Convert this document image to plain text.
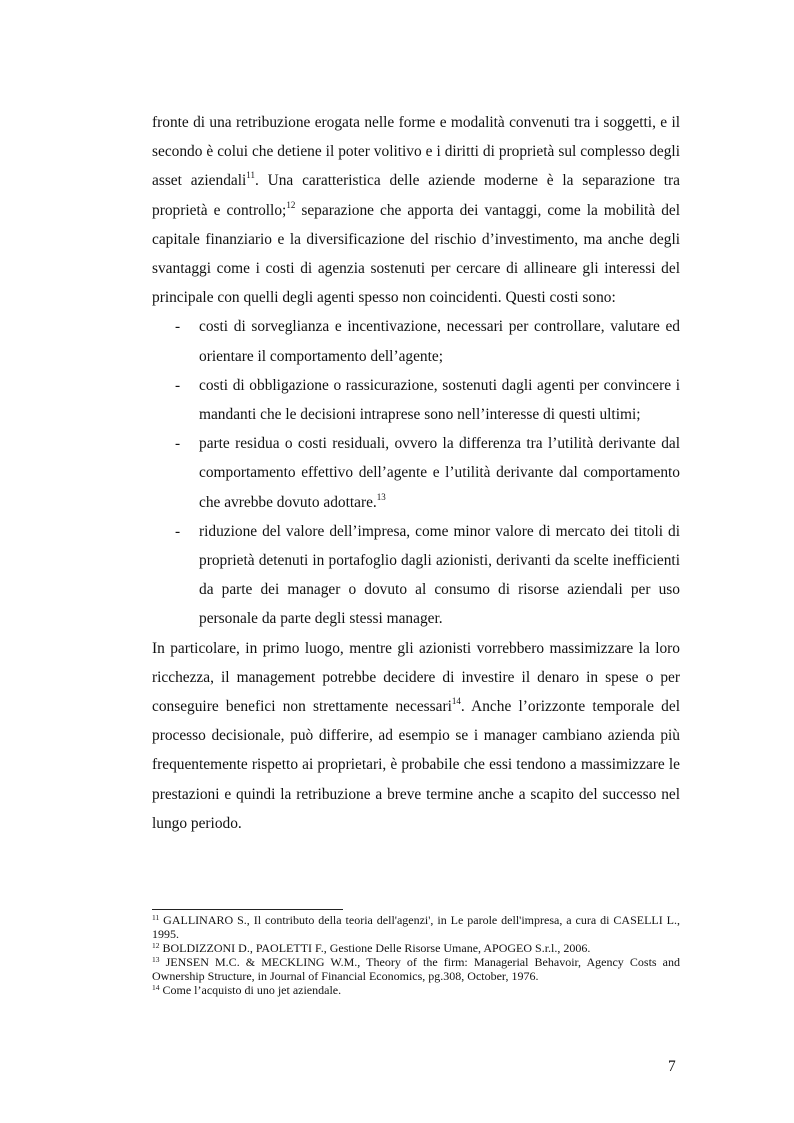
fronte di una retribuzione erogata nelle forme e modalità convenuti tra i soggetti, e il secondo è colui che detiene il poter volitivo e i diritti di proprietà sul complesso degli asset aziendali$^{11}$. Una caratteristica delle aziende moderne è la separazione tra proprietà e controllo;$^{12}$ separazione che apporta dei vantaggi, come la mobilità del capitale finanziario e la diversificazione del rischio d’investimento, ma anche degli svantaggi come i costi di agenzia sostenuti per cercare di allineare gli interessi del principale con quelli degli agenti spesso non coincidenti. Questi costi sono:

- costi di sorveglianza e incentivazione, necessari per controllare, valutare ed orientare il comportamento dell’agente;
- costi di obbligazione o rassicurazione, sostenuti dagli agenti per convincere i mandanti che le decisioni intraprese sono nell’interesse di questi ultimi;
- parte residua o costi residuali, ovvero la differenza tra l’utilità derivante dal comportamento effettivo dell’agente e l’utilità derivante dal comportamento che avrebbe dovuto adottare.$^{13}$
- riduzione del valore dell’impresa, come minor valore di mercato dei titoli di proprietà detenuti in portafoglio dagli azionisti, derivanti da scelte inefficienti da parte dei manager o dovuto al consumo di risorse aziendali per uso personale da parte degli stessi manager.

In particolare, in primo luogo, mentre gli azionisti vorrebbero massimizzare la loro ricchezza, il management potrebbe decidere di investire il denaro in spese o per conseguire benefici non strettamente necessari$^{14}$. Anche l’orizzonte temporale del processo decisionale, può differire, ad esempio se i manager cambiano azienda più frequentemente rispetto ai proprietari, è probabile che essi tendono a massimizzare le prestazioni e quindi la retribuzione a breve termine anche a scapito del successo nel lungo periodo.

$^{11}$ GALLINARO S., Il contributo della teoria dell'agenzi', in Le parole dell'impresa, a cura di CASELLI L., 1995.

$^{12}$ BOLDIZZONI D., PAOLETTI F., Gestione Delle Risorse Umane, APOGEO S.r.l., 2006.

$^{13}$ JENSEN M.C. & MECKLING W.M., Theory of the firm: Managerial Behavoir, Agency Costs and Ownership Structure, in Journal of Financial Economics, pg.308, October, 1976.

$^{14}$ Come l’acquisto di uno jet aziendale.

7
